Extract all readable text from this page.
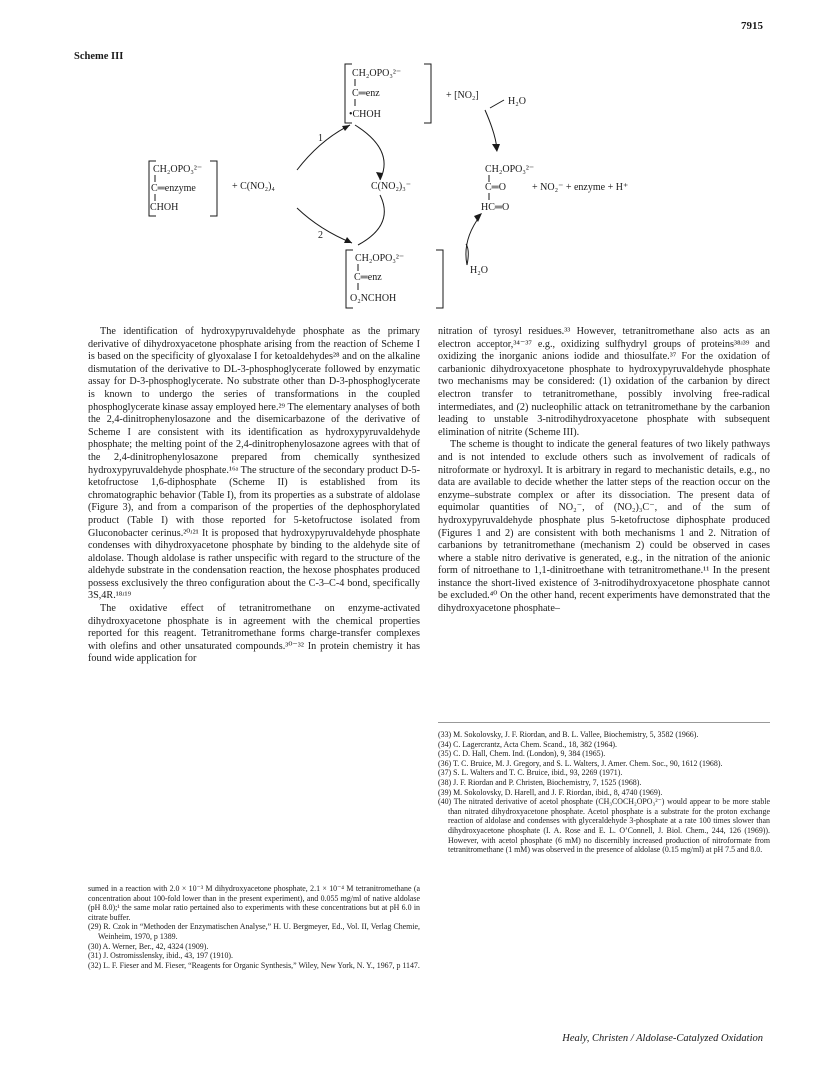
7915
Scheme III
CH₂OPO₃²⁻
C═enzyme
CHOH
+ C(NO₂)₄
CH₂OPO₃²⁻
C═enz
•CHOH
+ [NO₂]
H₂O
1
2
C(NO₂)₃⁻
CH₂OPO₃²⁻
C═O
HC═O
+ NO₂⁻ + enzyme + H⁺
CH₂OPO₃²⁻
C═enz
O₂NCHOH
H₂O

The identification of hydroxypyruvaldehyde phosphate as the primary derivative of dihydroxyacetone phosphate arising from the reaction of Scheme I is based on the specificity of glyoxalase I for ketoaldehydes²⁸ and on the alkaline dismutation of the derivative to DL-3-phosphoglycerate followed by enzymatic assay for D-3-phosphoglycerate. No substrate other than D-3-phosphoglycerate is known to undergo the series of transformations in the coupled phosphoglycerate kinase assay employed here.²⁹ The elementary analyses of both the 2,4-dinitrophenylosazone and the disemicarbazone of the derivative of Scheme I are consistent with its identification as hydroxypyruvaldehyde phosphate; the melting point of the 2,4-dinitrophenylosazone agrees with that of the 2,4-dinitrophenylosazone prepared from chemically synthesized hydroxypyruvaldehyde phosphate.¹⁶ᵃ The structure of the secondary product D-5-ketofructose 1,6-diphosphate (Scheme II) is established from its chromatographic behavior (Table I), from its properties as a substrate of aldolase (Figure 3), and from a comparison of the properties of the dephosphorylated product (Table I) with those reported for 5-ketofructose isolated from Gluconobacter cerinus.²⁰ʴ²¹ It is proposed that hydroxypyruvaldehyde phosphate condenses with dihydroxyacetone phosphate by binding to the aldehyde site of aldolase. Though aldolase is rather unspecific with regard to the structure of the aldehyde substrate in the condensation reaction, the hexose phosphates produced possess exclusively the threo configuration about the C-3–C-4 bond, specifically 3S,4R.¹⁸ʴ¹⁹

The oxidative effect of tetranitromethane on enzyme-activated dihydroxyacetone phosphate is in agreement with the chemical properties reported for this reagent. Tetranitromethane forms charge-transfer complexes with olefins and other unsaturated compounds.³⁰⁻³² In protein chemistry it has found wide application for

nitration of tyrosyl residues.³³ However, tetranitromethane also acts as an electron acceptor,³⁴⁻³⁷ e.g., oxidizing sulfhydryl groups of proteins³⁸ʴ³⁹ and oxidizing the inorganic anions iodide and thiosulfate.³⁷ For the oxidation of carbanionic dihydroxyacetone phosphate to hydroxypyruvaldehyde phosphate two mechanisms may be considered: (1) oxidation of the carbanion by direct electron transfer to tetranitromethane, possibly involving free-radical intermediates, and (2) nucleophilic attack on tetranitromethane by the carbanion leading to unstable 3-nitrodihydroxyacetone phosphate with subsequent elimination of nitrite (Scheme III).

The scheme is thought to indicate the general features of two likely pathways and is not intended to exclude others such as involvement of radicals of nitroformate or hydroxyl. It is arbitrary in regard to mechanistic details, e.g., no data are available to decide whether the latter steps of the reaction occur on the enzyme–substrate complex or after its dissociation. The present data of equimolar quantities of NO₂⁻, of (NO₂)₃C⁻, and of the sum of hydroxypyruvaldehyde phosphate plus 5-ketofructose diphosphate produced (Figures 1 and 2) are consistent with both mechanisms 1 and 2. Nitration of carbanions by tetranitromethane (mechanism 2) could be observed in cases where a stable nitro derivative is generated, e.g., in the nitration of the anionic form of nitroethane to 1,1-dinitroethane with tetranitromethane.¹¹ In the present instance the short-lived existence of 3-nitrodihydroxyacetone phosphate cannot be excluded.⁴⁰ On the other hand, recent experiments have demonstrated that the dihydroxyacetone phosphate–

sumed in a reaction with 2.0 × 10⁻³ M dihydroxyacetone phosphate, 2.1 × 10⁻⁴ M tetranitromethane (a concentration about 100-fold lower than in the present experiment), and 0.055 mg/ml of native aldolase (pH 8.0);¹ the same molar ratio pertained also to experiments with these concentrations but at pH 6.0 in citrate buffer.

(29) R. Czok in “Methoden der Enzymatischen Analyse,” H. U. Bergmeyer, Ed., Vol. II, Verlag Chemie, Weinheim, 1970, p 1389.

(30) A. Werner, Ber., 42, 4324 (1909).

(31) J. Ostromisslensky, ibid., 43, 197 (1910).

(32) L. F. Fieser and M. Fieser, “Reagents for Organic Synthesis,” Wiley, New York, N. Y., 1967, p 1147.

(33) M. Sokolovsky, J. F. Riordan, and B. L. Vallee, Biochemistry, 5, 3582 (1966).

(34) C. Lagercrantz, Acta Chem. Scand., 18, 382 (1964).

(35) C. D. Hall, Chem. Ind. (London), 9, 384 (1965).

(36) T. C. Bruice, M. J. Gregory, and S. L. Walters, J. Amer. Chem. Soc., 90, 1612 (1968).

(37) S. L. Walters and T. C. Bruice, ibid., 93, 2269 (1971).

(38) J. F. Riordan and P. Christen, Biochemistry, 7, 1525 (1968).

(39) M. Sokolovsky, D. Harell, and J. F. Riordan, ibid., 8, 4740 (1969).

(40) The nitrated derivative of acetol phosphate (CH₃COCH₂OPO₃²⁻) would appear to be more stable than nitrated dihydroxyacetone phosphate. Acetol phosphate is a substrate for the proton exchange reaction of aldolase and condenses with glyceraldehyde 3-phosphate at a rate 100 times slower than dihydroxyacetone phosphate (I. A. Rose and E. L. O’Connell, J. Biol. Chem., 244, 126 (1969)). However, with acetol phosphate (6 mM) no discernibly increased production of nitroformate from tetranitromethane (1 mM) was observed in the presence of aldolase (0.15 mg/ml) at pH 7.5 and 8.0.

Healy, Christen / Aldolase-Catalyzed Oxidation
